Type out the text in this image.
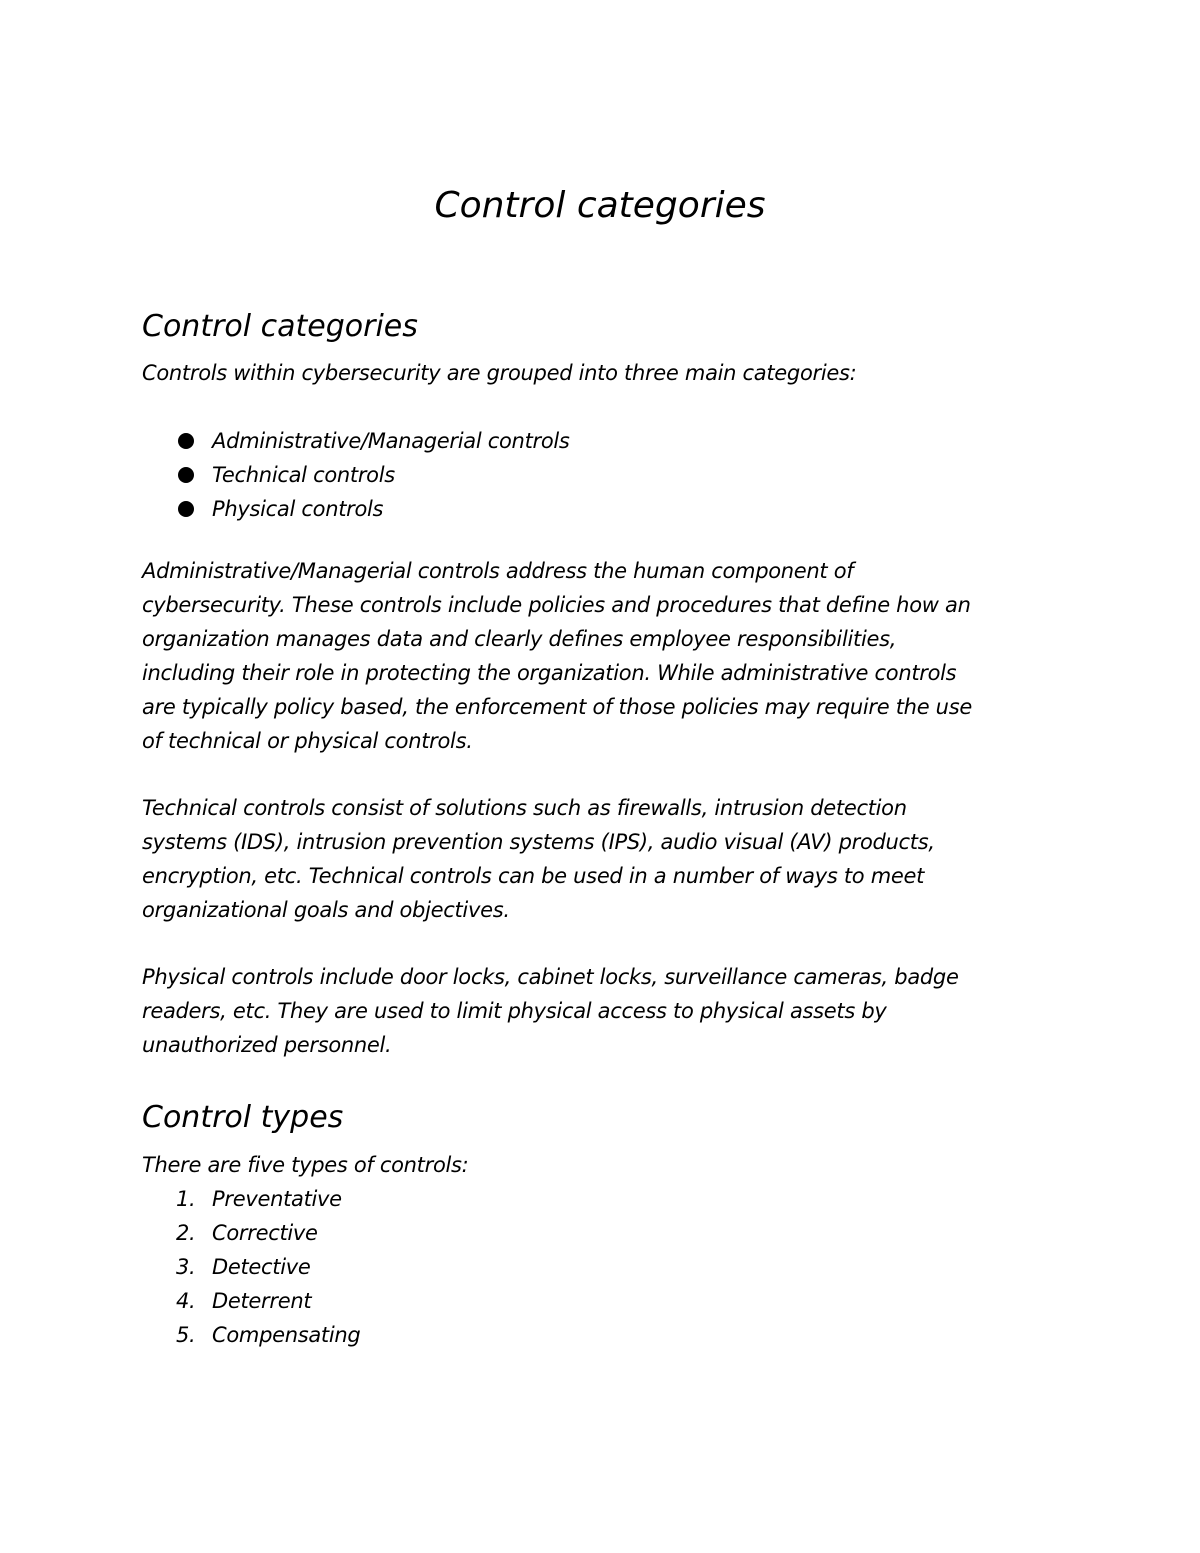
Control categories
Control categories

Controls within cybersecurity are grouped into three main categories:

Administrative/Managerial controls
Technical controls
Physical controls

Administrative/Managerial controls address the human component of
cybersecurity. These controls include policies and procedures that define how an
organization manages data and clearly defines employee responsibilities,
including their role in protecting the organization. While administrative controls
are typically policy based, the enforcement of those policies may require the use
of technical or physical controls.

Technical controls consist of solutions such as firewalls, intrusion detection
systems (IDS), intrusion prevention systems (IPS), audio visual (AV) products,
encryption, etc. Technical controls can be used in a number of ways to meet
organizational goals and objectives.

Physical controls include door locks, cabinet locks, surveillance cameras, badge
readers, etc. They are used to limit physical access to physical assets by
unauthorized personnel.

Control types

There are five types of controls:

1. Preventative
2. Corrective
3. Detective
4. Deterrent
5. Compensating
